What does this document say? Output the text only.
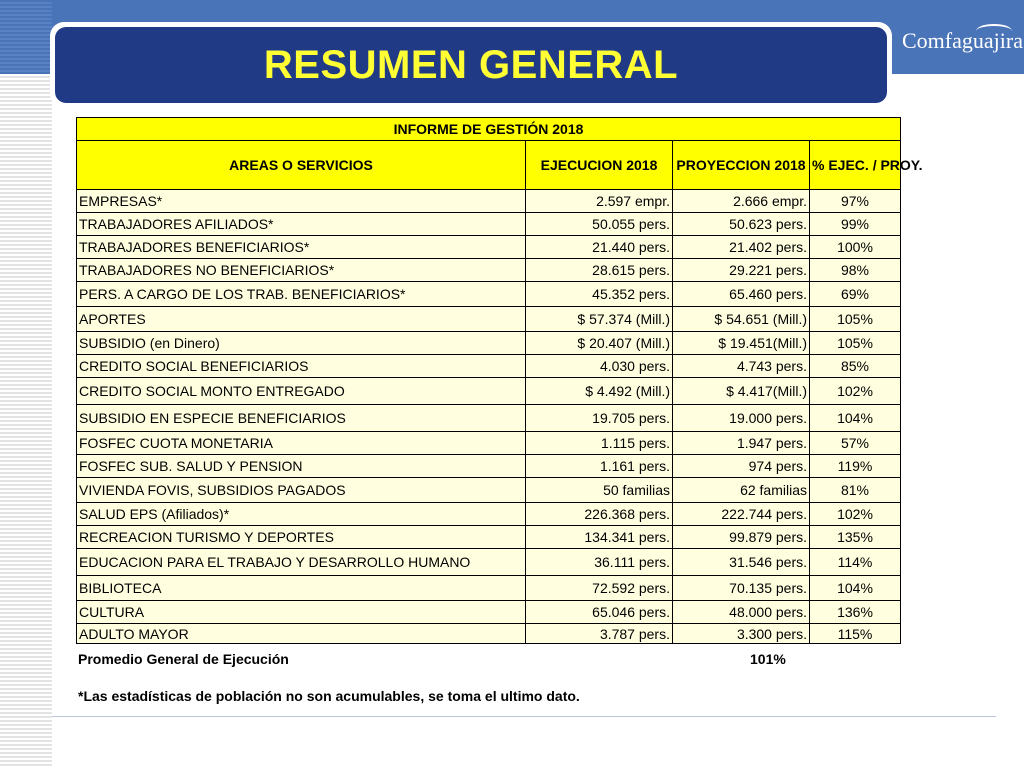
RESUMEN GENERAL
Comfaguajira
INFORME DE GESTIÓN 2018			
AREAS O SERVICIOS	EJECUCION 2018	PROYECCION 2018	% EJEC. / PROY.
EMPRESAS*	2.597 empr.	2.666 empr.	97%
TRABAJADORES AFILIADOS*	50.055 pers.	50.623 pers.	99%
TRABAJADORES BENEFICIARIOS*	21.440 pers.	21.402 pers.	100%
TRABAJADORES NO BENEFICIARIOS*	28.615 pers.	29.221 pers.	98%
PERS. A CARGO DE LOS TRAB. BENEFICIARIOS*	45.352 pers.	65.460 pers.	69%
APORTES	$ 57.374 (Mill.)	$ 54.651 (Mill.)	105%
SUBSIDIO (en Dinero)	$ 20.407 (Mill.)	$ 19.451(Mill.)	105%
CREDITO SOCIAL BENEFICIARIOS	4.030 pers.	4.743 pers.	85%
CREDITO SOCIAL MONTO ENTREGADO	$ 4.492 (Mill.)	$ 4.417(Mill.)	102%
SUBSIDIO EN ESPECIE BENEFICIARIOS	19.705 pers.	19.000 pers.	104%
FOSFEC CUOTA MONETARIA	1.115 pers.	1.947 pers.	57%
FOSFEC SUB. SALUD Y PENSION	1.161 pers.	974 pers.	119%
VIVIENDA FOVIS, SUBSIDIOS PAGADOS	50 familias	62 familias	81%
SALUD EPS (Afiliados)*	226.368 pers.	222.744 pers.	102%
RECREACION TURISMO Y DEPORTES	134.341 pers.	99.879 pers.	135%
EDUCACION PARA EL TRABAJO Y DESARROLLO HUMANO	36.111 pers.	31.546 pers.	114%
BIBLIOTECA	72.592 pers.	70.135 pers.	104%
CULTURA	65.046 pers.	48.000 pers.	136%
ADULTO MAYOR	3.787 pers.	3.300 pers.	115%
Promedio General de Ejecución	101%
*Las estadísticas de población no son acumulables, se toma el ultimo dato.
